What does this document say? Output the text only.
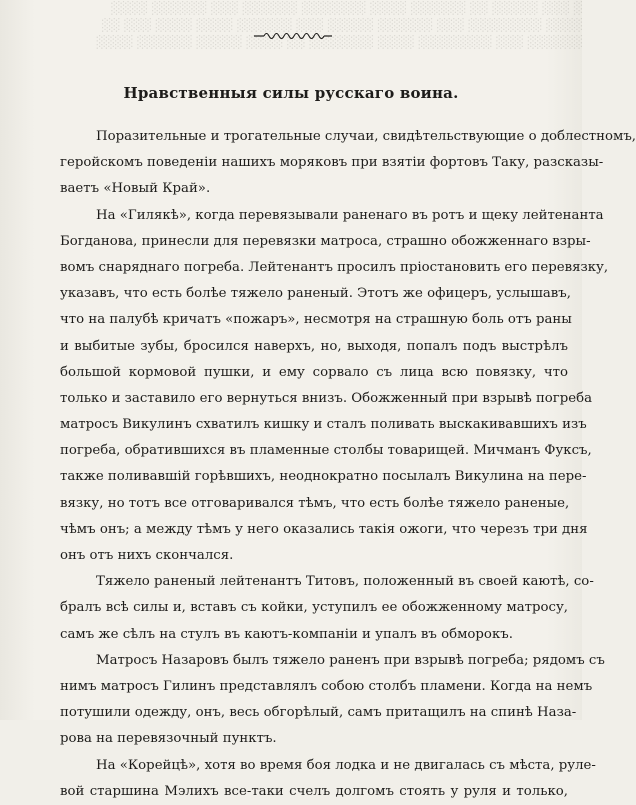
░ ░░░ ░░░░░ ░░ ░░░░░░ ░░░░ ░░░░░░░ ░░░░░░ ░░░ ░░░░░░ ░░░░
░░░░ ░░░░░░░░ ░░░ ░░░░░░ ░░░░░ ░░░ ░░░░░░ ░░░░ ░░░░ ░░░ ░░
░░░░░░ ░░░ ░░░░░░░░ ░░░░ ░░░░░░░ ░░ ░░░░ ░░░░░ ░░░░░░ ░░░░
Нравственныя силы русскаго воина.

Поразительные и трогательные случаи, свидѣтельствующие о доблестномъ,
геройскомъ поведеніи нашихъ моряковъ при взятіи фортовъ Таку, разсказы-
ваетъ «Новый Край».

На «Гилякѣ», когда перевязывали раненаго въ ротъ и щеку лейтенанта
Богданова, принесли для перевязки матроса, страшно обожженнаго взры-
вомъ снаряднаго погреба. Лейтенантъ просилъ пріостановить его перевязку,
указавъ, что есть болѣе тяжело раненый. Этотъ же офицеръ, услышавъ,
что на палубѣ кричатъ «пожаръ», несмотря на страшную боль отъ раны
и выбитые зубы, бросился наверхъ, но, выходя, попалъ подъ выстрѣлъ
большой кормовой пушки, и ему сорвало съ лица всю повязку, что
только и заставило его вернуться внизъ. Обожженный при взрывѣ погреба
матросъ Викулинъ схватилъ кишку и сталъ поливать выскакивавшихъ изъ
погреба, обратившихся въ пламенные столбы товарищей. Мичманъ Фуксъ,
также поливавшій горѣвшихъ, неоднократно посылалъ Викулина на пере-
вязку, но тотъ все отговаривался тѣмъ, что есть болѣе тяжело раненые,
чѣмъ онъ; а между тѣмъ у него оказались такія ожоги, что черезъ три дня
онъ отъ нихъ скончался.

Тяжело раненый лейтенантъ Титовъ, положенный въ своей каютѣ, со-
бралъ всѣ силы и, вставъ съ койки, уступилъ ее обожженному матросу,
самъ же сѣлъ на стулъ въ каютъ-компаніи и упалъ въ обморокъ.

Матросъ Назаровъ былъ тяжело раненъ при взрывѣ погреба; рядомъ съ
нимъ матросъ Гилинъ представлялъ собою столбъ пламени. Когда на немъ
потушили одежду, онъ, весь обгорѣлый, самъ притащилъ на спинѣ Наза-
рова на перевязочный пунктъ.

На «Корейцѣ», хотя во время боя лодка и не двигалась съ мѣста, руле-
вой старшина Мэлихъ все-таки счелъ долгомъ стоять у руля и только,
